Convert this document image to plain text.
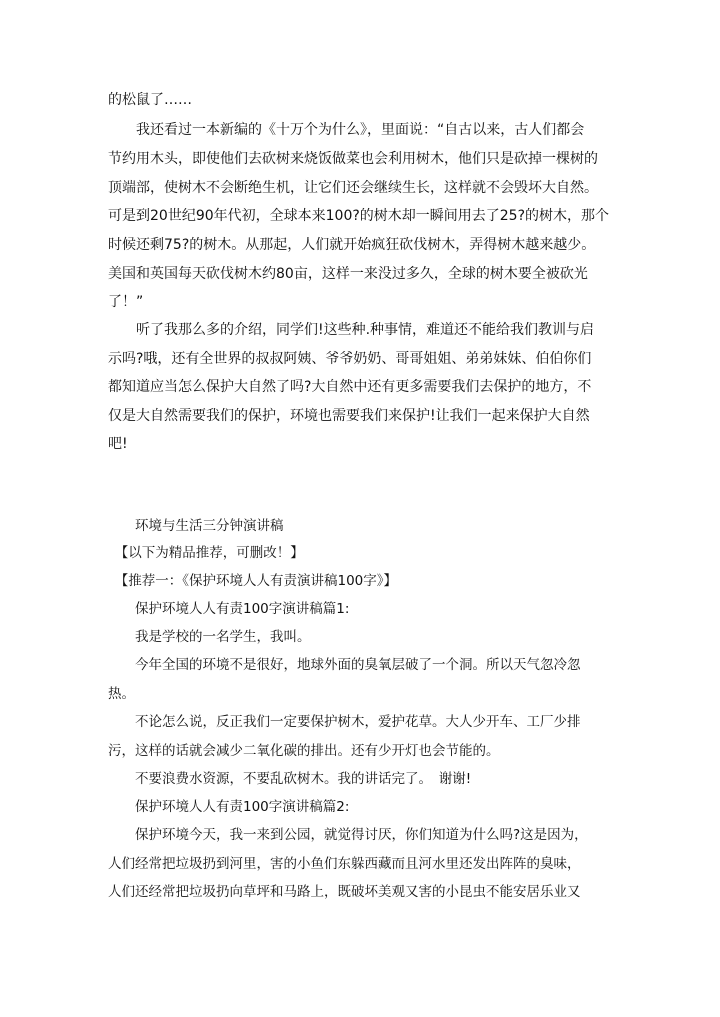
的松鼠了……
　　我还看过一本新编的《十万个为什么》，里面说：“自古以来，古人们都会
节约用木头，即使他们去砍树来烧饭做菜也会利用树木，他们只是砍掉一棵树的
顶端部，使树木不会断绝生机，让它们还会继续生长，这样就不会毁坏大自然。
可是到20世纪90年代初，全球本来100?的树木却一瞬间用去了25?的树木，那个
时候还剩75?的树木。从那起，人们就开始疯狂砍伐树木，弄得树木越来越少。
美国和英国每天砍伐树木约80亩，这样一来没过多久，全球的树木要全被砍光
了！”
　　听了我那么多的介绍，同学们!这些种.种事情，难道还不能给我们教训与启
示吗?哦，还有全世界的叔叔阿姨、爷爷奶奶、哥哥姐姐、弟弟妹妹、伯伯你们
都知道应当怎么保护大自然了吗?大自然中还有更多需要我们去保护的地方，不
仅是大自然需要我们的保护，环境也需要我们来保护!让我们一起来保护大自然
吧!
　　环境与生活三分钟演讲稿
　【以下为精品推荐，可删改！】
　【推荐一：《保护环境人人有责演讲稿100字》】
　　保护环境人人有责100字演讲稿篇1:
　　我是学校的一名学生，我叫。
　　今年全国的环境不是很好，地球外面的臭氧层破了一个洞。所以天气忽冷忽
热。
　　不论怎么说，反正我们一定要保护树木，爱护花草。大人少开车、工厂少排
污，这样的话就会减少二氧化碳的排出。还有少开灯也会节能的。
　　不要浪费水资源，不要乱砍树木。我的讲话完了。　谢谢!
　　保护环境人人有责100字演讲稿篇2:
　　保护环境今天，我一来到公园，就觉得讨厌，你们知道为什么吗?这是因为，
人们经常把垃圾扔到河里，害的小鱼们东躲西藏而且河水里还发出阵阵的臭味，
人们还经常把垃圾扔向草坪和马路上，既破坏美观又害的小昆虫不能安居乐业又
